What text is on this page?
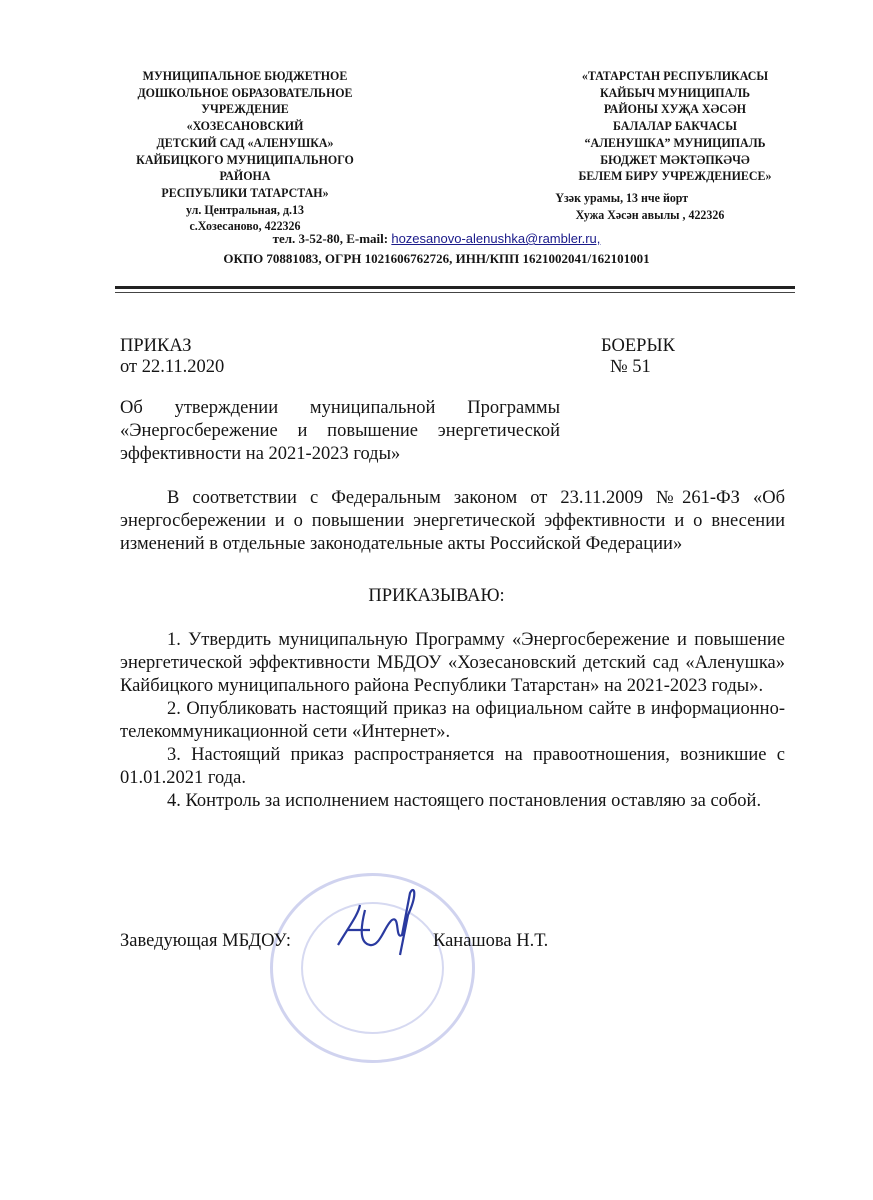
МУНИЦИПАЛЬНОЕ БЮДЖЕТНОЕ
ДОШКОЛЬНОЕ ОБРАЗОВАТЕЛЬНОЕ
УЧРЕЖДЕНИЕ
«ХОЗЕСАНОВСКИЙ
ДЕТСКИЙ САД «АЛЕНУШКА»
КАЙБИЦКОГО МУНИЦИПАЛЬНОГО
РАЙОНА
РЕСПУБЛИКИ ТАТАРСТАН»
ул. Центральная, д.13
с.Хозесаново, 422326
«ТАТАРСТАН РЕСПУБЛИКАСЫ
КАЙБЫЧ МУНИЦИПАЛЬ
РАЙОНЫ ХУҖА ХӘСӘН
БАЛАЛАР БАКЧАСЫ
“АЛЕНУШКА” МУНИЦИПАЛЬ
БЮДЖЕТ МӘКТӘПКӘЧӘ
БЕЛЕМ БИРУ УЧРЕЖДЕНИЕСЕ»
Үзәк урамы, 13 нче йорт
Хужа Хәсән авылы , 422326
тел. 3-52-80, E-mail: hozesanovo-alenushka@rambler.ru,
ОКПО 70881083, ОГРН 1021606762726, ИНН/КПП 1621002041/162101001
ПРИКАЗ
от 22.11.2020
БОЕРЫК
№ 51
Об утверждении муниципальной Программы
«Энергосбережение и повышение энергетической
эффективности на 2021-2023 годы»

В соответствии с Федеральным законом от 23.11.2009 №261-ФЗ «Об энергосбережении и о повышении энергетической эффективности и о внесении изменений в отдельные законодательные акты Российской Федерации»

ПРИКАЗЫВАЮ:

1. Утвердить муниципальную Программу «Энергосбережение и повышение энергетической эффективности МБДОУ «Хозесановский детский сад «Аленушка» Кайбицкого муниципального района Республики Татарстан» на 2021-2023 годы».

2. Опубликовать настоящий приказ на официальном сайте в информационно-телекоммуникационной сети «Интернет».

3. Настоящий приказ распространяется на правоотношения, возникшие с 01.01.2021 года.

4. Контроль за исполнением настоящего постановления оставляю за собой.

Заведующая МБДОУ:	Канашова Н.Т.
